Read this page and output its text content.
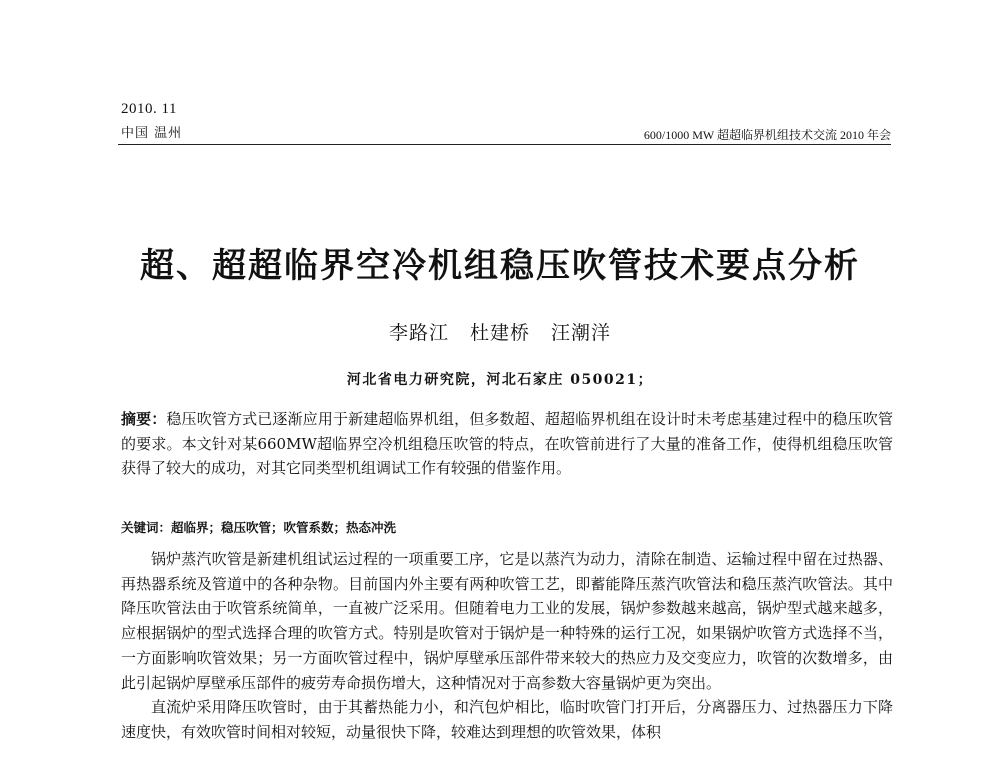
2010. 11
中国 温州	600/1000 MW 超超临界机组技术交流 2010 年会
超、超超临界空冷机组稳压吹管技术要点分析
李路江 杜建桥 汪潮洋
河北省电力研究院，河北石家庄 050021；
摘要：稳压吹管方式已逐渐应用于新建超临界机组，但多数超、超超临界机组在设计时未考虑基建过程中的稳压吹管的要求。本文针对某660MW超临界空冷机组稳压吹管的特点，在吹管前进行了大量的准备工作，使得机组稳压吹管获得了较大的成功，对其它同类型机组调试工作有较强的借鉴作用。
关键词：超临界；稳压吹管；吹管系数；热态冲洗

锅炉蒸汽吹管是新建机组试运过程的一项重要工序，它是以蒸汽为动力，清除在制造、运输过程中留在过热器、再热器系统及管道中的各种杂物。目前国内外主要有两种吹管工艺，即蓄能降压蒸汽吹管法和稳压蒸汽吹管法。其中降压吹管法由于吹管系统简单，一直被广泛采用。但随着电力工业的发展，锅炉参数越来越高，锅炉型式越来越多，应根据锅炉的型式选择合理的吹管方式。特别是吹管对于锅炉是一种特殊的运行工况，如果锅炉吹管方式选择不当，一方面影响吹管效果；另一方面吹管过程中，锅炉厚壁承压部件带来较大的热应力及交变应力，吹管的次数增多，由此引起锅炉厚壁承压部件的疲劳寿命损伤增大，这种情况对于高参数大容量锅炉更为突出。

直流炉采用降压吹管时，由于其蓄热能力小，和汽包炉相比，临时吹管门打开后，分离器压力、过热器压力下降速度快，有效吹管时间相对较短，动量很快下降，较难达到理想的吹管效果，体积
